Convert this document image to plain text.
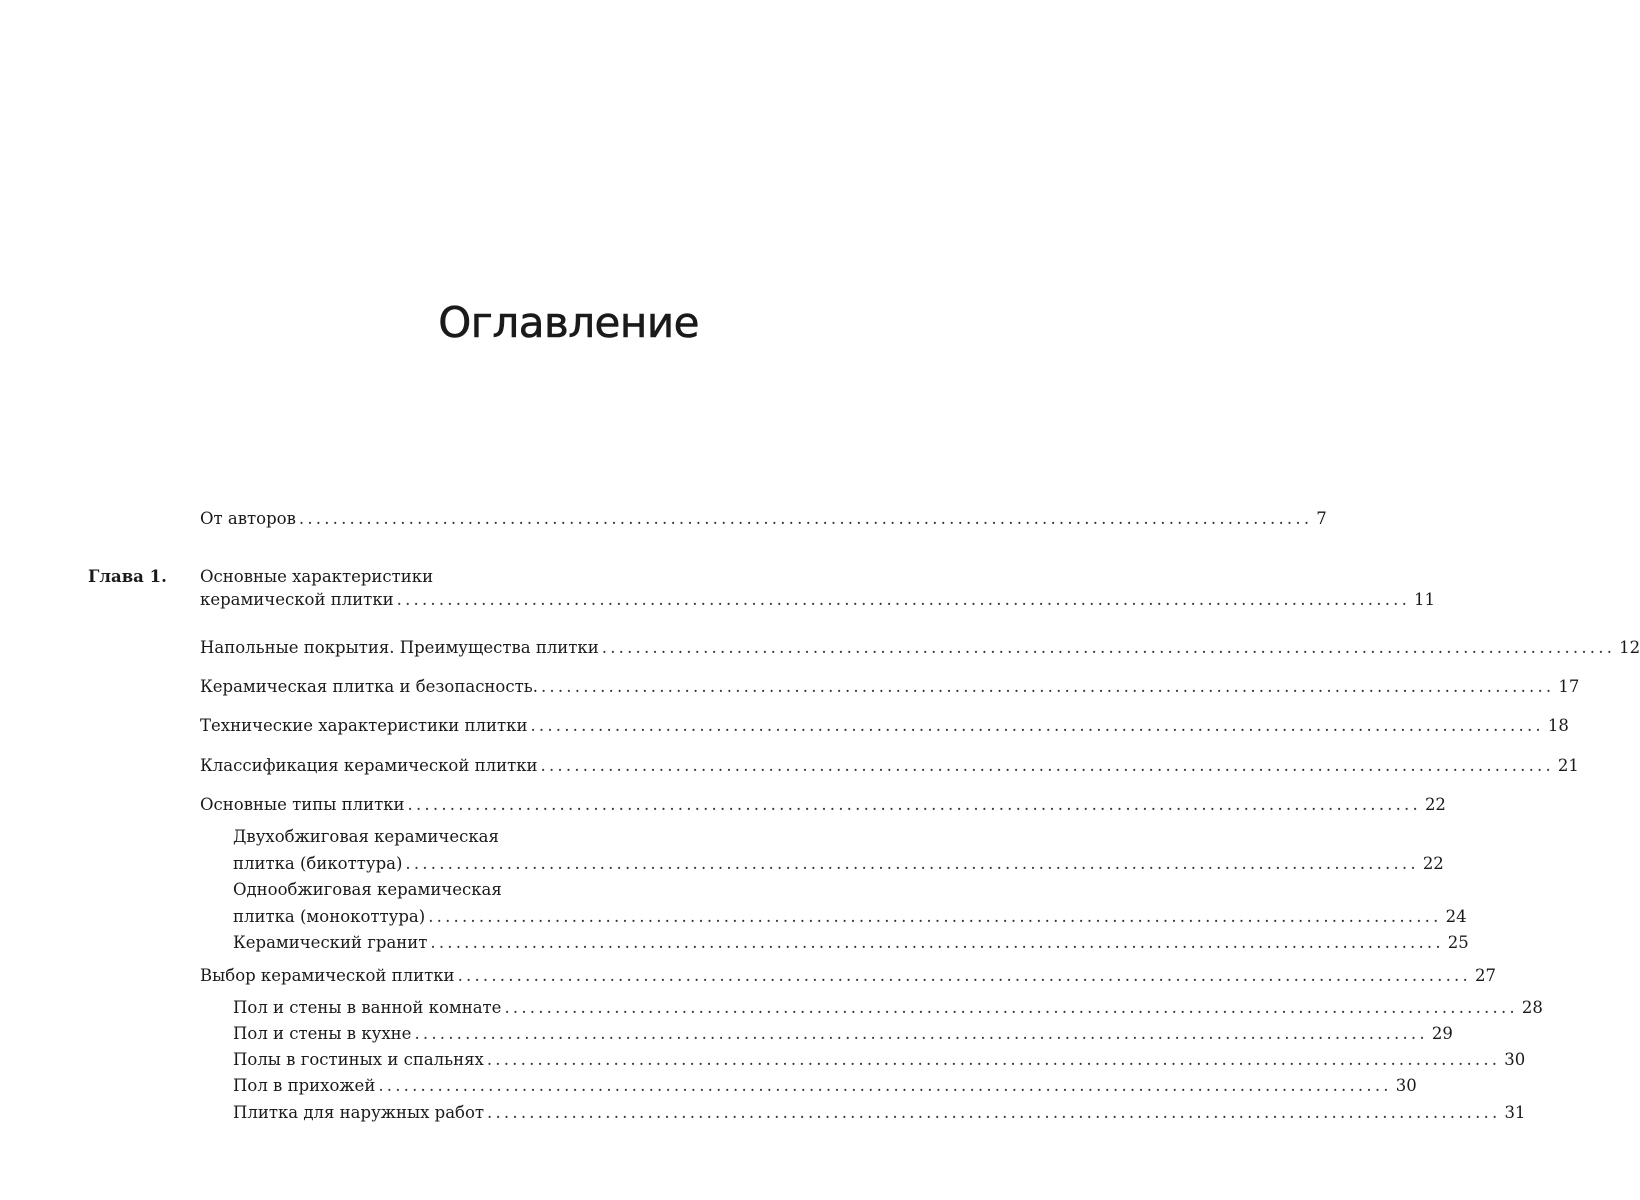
Оглавление
От авторов ........................................................................................................................ 7
Глава 1. Основные характеристики
керамической плитки ........................................................................................................................ 11
Напольные покрытия. Преимущества плитки ........................................................................................................................ 12
Керамическая плитка и безопасность. ........................................................................................................................ 17
Технические характеристики плитки ........................................................................................................................ 18
Классификация керамической плитки ........................................................................................................................ 21
Основные типы плитки ........................................................................................................................ 22
Двухобжиговая керамическая
плитка (бикоттура) ........................................................................................................................ 22
Однообжиговая керамическая
плитка (монокоттура) ........................................................................................................................ 24
Керамический гранит ........................................................................................................................ 25
Выбор керамической плитки ........................................................................................................................ 27
Пол и стены в ванной комнате ........................................................................................................................ 28
Пол и стены в кухне ........................................................................................................................ 29
Полы в гостиных и спальнях ........................................................................................................................ 30
Пол в прихожей ........................................................................................................................ 30
Плитка для наружных работ ........................................................................................................................ 31
